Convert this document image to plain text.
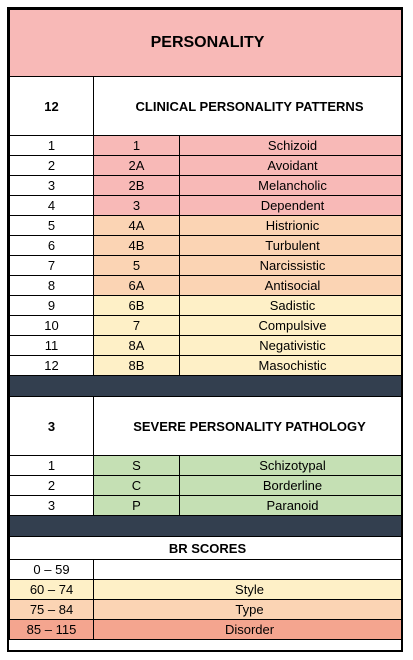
PERSONALITY		
12	CLINICAL PERSONALITY PATTERNS	
1	1	Schizoid
2	2A	Avoidant
3	2B	Melancholic
4	3	Dependent
5	4A	Histrionic
6	4B	Turbulent
7	5	Narcissistic
8	6A	Antisocial
9	6B	Sadistic
10	7	Compulsive
11	8A	Negativistic
12	8B	Masochistic

3	SEVERE PERSONALITY PATHOLOGY	
1	S	Schizotypal
2	C	Borderline
3	P	Paranoid

BR SCORES		
0 – 59		
60 – 74	Style	
75 – 84	Type	
85 – 115	Disorder	
